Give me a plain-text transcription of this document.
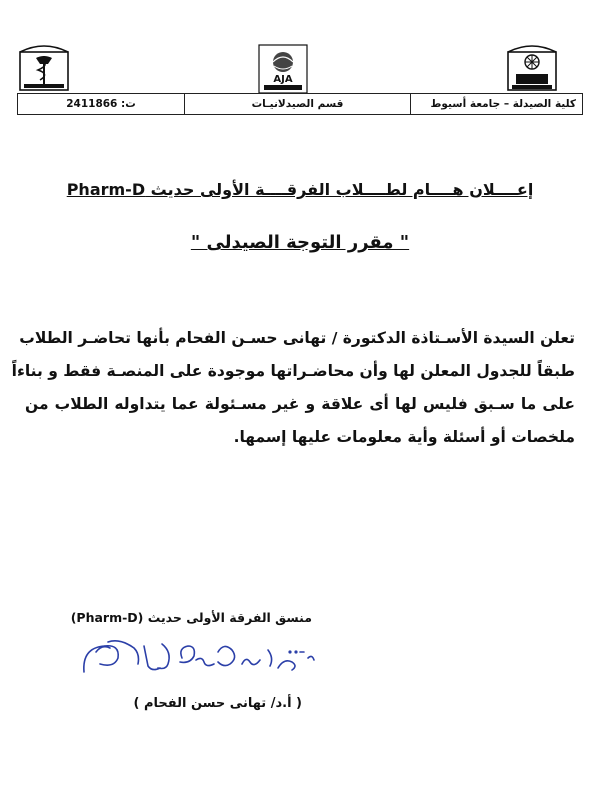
AJA
كلية الصيدلة – جامعة أسيوط
قسم الصيدلانيـات
ت: 2411866
إعــــلان هــــام لطــــلاب الفرقــــة الأولى حديث Pharm-D
" مقرر التوجة الصيدلى "
تعلن السيدة الأسـتاذة الدكتورة / تهانى حسـن الفحام بأنها تحاضـر الطلاب
طبقاً للجدول المعلن لها وأن محاضـراتها موجودة على المنصـة فقط و بناءاً
على ما سـبق فليس لها أى علاقة و غير مسـئولة عما يتداوله الطلاب من
ملخصات أو أسئلة وأية معلومات عليها إسمها.
منسق الفرقة الأولى حديث (Pharm-D)
( أ.د/ تهانى حسن الفحام )
